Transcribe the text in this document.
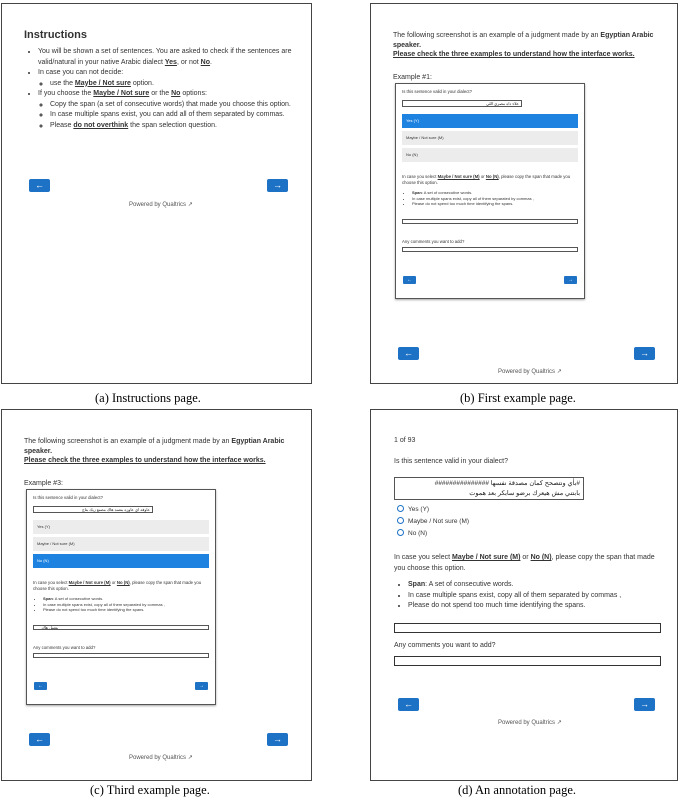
Instructions
• You will be shown a set of sentences. You are asked to check if the sentences are valid/natural in your native Arabic dialect Yes, or not No.
• In case you can not decide:
◦ use the Maybe / Not sure option.
• If you choose the Maybe / Not sure or the No options:
◦ Copy the span (a set of consecutive words) that made you choose this option.
◦ In case multiple spans exist, you can add all of them separated by commas.
◦ Please do not overthink the span selection question.
←	→
Powered by Qualtrics ↗
The following screenshot is an example of a judgment made by an Egyptian Arabic speaker.
Please check the three examples to understand how the interface works.
Example #1:
Is this sentence valid in your dialect?
علاء داه مصري اللي
Yes (Y)
Maybe / Not sure (M)
No (N)
In case you select Maybe / Not sure (M) or No (N), please copy the span that made you choose this option.
• Span: A set of consecutive words.
• In case multiple spans exist, copy all of them separated by commas ,
• Please do not spend too much time identifying the spans.
Any comments you want to add?
←	→
←	→
Powered by Qualtrics ↗
The following screenshot is an example of a judgment made by an Egyptian Arabic speaker.
Please check the three examples to understand how the interface works.
Example #3:
Is this sentence valid in your dialect?
عاوفه اي عاوزه بنعمد هاك مصنع زيك بتاع
Yes (Y)
Maybe / Not sure (M)
No (N)
In case you select Maybe / Not sure (M) or No (N), please copy the span that made you choose this option.
• Span: A set of consecutive words.
• In case multiple spans exist, copy all of them separated by commas ,
• Please do not spend too much time identifying the spans.
بتعمل هاك
Any comments you want to add?
←	→
←	→
Powered by Qualtrics ↗
1 of 93
Is this sentence valid in your dialect?
#بأي ونتصحح كمان مصدقة نفسها ###############
بابتني مش هيعرك برضو سابكر بعد هموت
Yes (Y)
Maybe / Not sure (M)
No (N)
In case you select Maybe / Not sure (M) or No (N), please copy the span that made you choose this option.
• Span: A set of consecutive words.
• In case multiple spans exist, copy all of them separated by commas ,
• Please do not spend too much time identifying the spans.
Any comments you want to add?
←	→
Powered by Qualtrics ↗
(a) Instructions page.	(b) First example page.
(c) Third example page.	(d) An annotation page.
